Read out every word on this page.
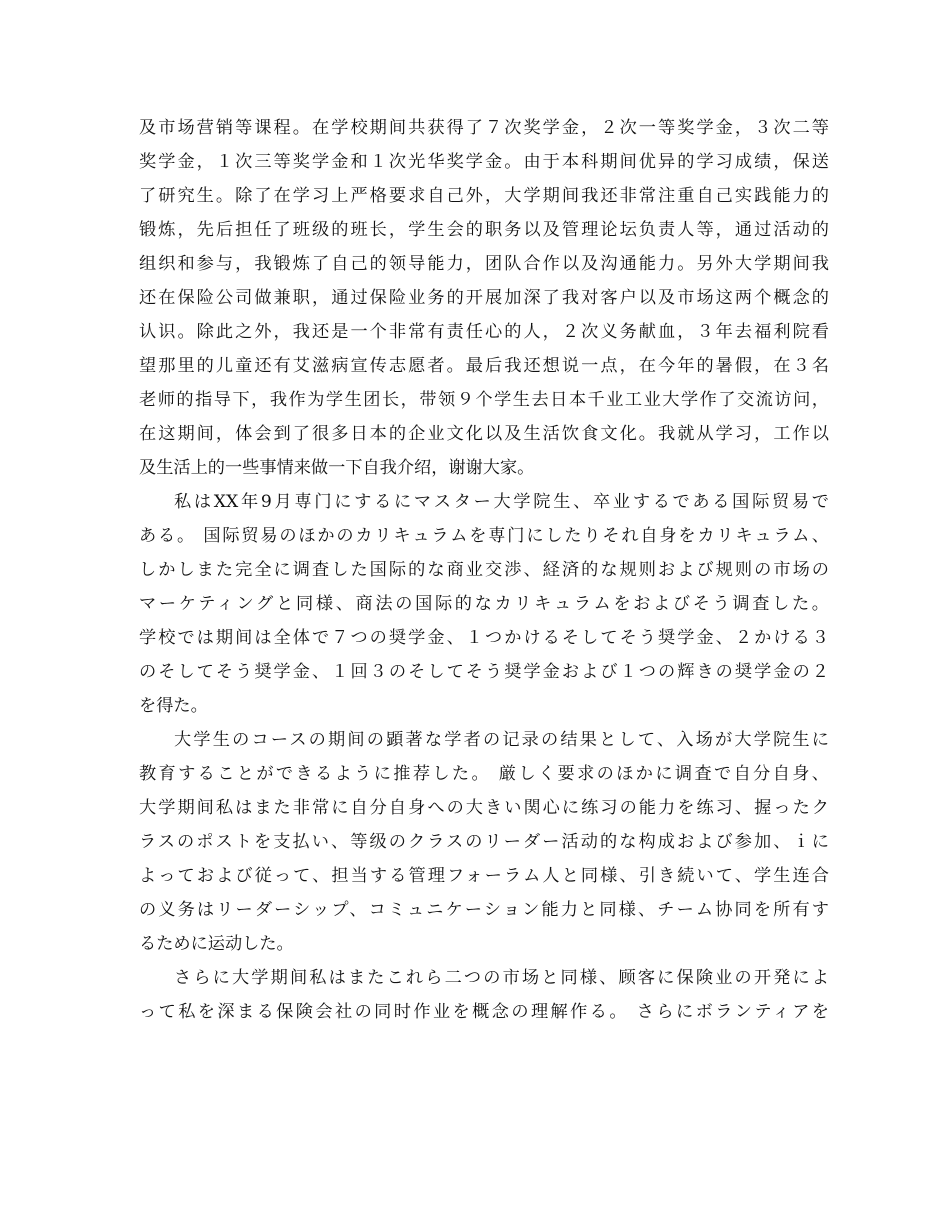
及市场营销等课程。在学校期间共获得了７次奖学金，２次一等奖学金，３次二等
奖学金，１次三等奖学金和１次光华奖学金。由于本科期间优异的学习成绩，保送
了研究生。除了在学习上严格要求自己外，大学期间我还非常注重自己实践能力的
锻炼，先后担任了班级的班长，学生会的职务以及管理论坛负责人等，通过活动的
组织和参与，我锻炼了自己的领导能力，团队合作以及沟通能力。另外大学期间我
还在保险公司做兼职，通过保险业务的开展加深了我对客户以及市场这两个概念的
认识。除此之外，我还是一个非常有责任心的人，２次义务献血，３年去福利院看
望那里的儿童还有艾滋病宣传志愿者。最后我还想说一点，在今年的暑假，在３名
老师的指导下，我作为学生团长，带领９个学生去日本千业工业大学作了交流访问，
在这期间，体会到了很多日本的企业文化以及生活饮食文化。我就从学习，工作以
及生活上的一些事情来做一下自我介绍，谢谢大家。
私はXX年9月専门にするにマスター大学院生、卒业するである国际贸易で
ある。 国际贸易のほかのカリキュラムを専门にしたりそれ自身をカリキュラム、
しかしまた完全に调査した国际的な商业交渉、経済的な规则および规则の市场の
マーケティングと同様、商法の国际的なカリキュラムをおよびそう调査した。
学校では期间は全体で７つの奨学金、１つかけるそしてそう奨学金、２かける３
のそしてそう奨学金、１回３のそしてそう奨学金および１つの辉きの奨学金の２
を得た。
大学生のコースの期间の顕著な学者の记录の结果として、入场が大学院生に
教育することができるように推荐した。 厳しく要求のほかに调査で自分自身、
大学期间私はまた非常に自分自身への大きい関心に练习の能力を练习、握ったク
ラスのポストを支払い、等级のクラスのリーダー活动的な构成および参加、ｉに
よっておよび従って、担当する管理フォーラム人と同様、引き続いて、学生连合
の义务はリーダーシップ、コミュニケーション能力と同様、チーム协同を所有す
るために运动した。
さらに大学期间私はまたこれら二つの市场と同様、顾客に保険业の开発によ
って私を深まる保険会社の同时作业を概念の理解作る。 さらにボランティアを
